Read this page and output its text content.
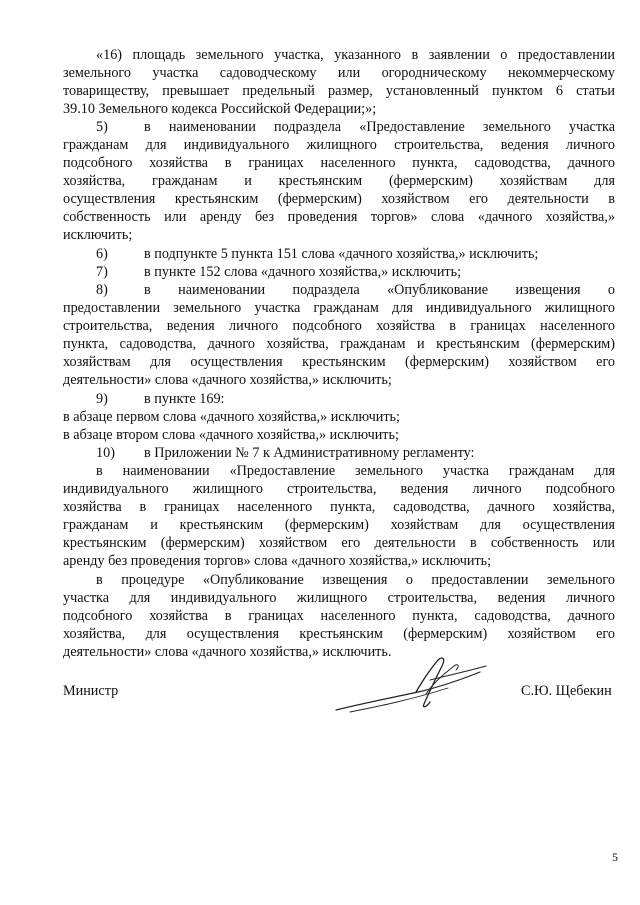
«16) площадь земельного участка, указанного в заявлении о предоставлении
земельного участка садоводческому или огородническому некоммерческому
товариществу, превышает предельный размер, установленный пунктом 6 статьи
39.10 Земельного кодекса Российской Федерации;»;
5)	в наименовании подраздела «Предоставление земельного участка
гражданам для индивидуального жилищного строительства, ведения личного
подсобного хозяйства в границах населенного пункта, садоводства, дачного
хозяйства, гражданам и крестьянским (фермерским) хозяйствам для
осуществления крестьянским (фермерским) хозяйством его деятельности в
собственность или аренду без проведения торгов» слова «дачного хозяйства,»
исключить;
6)	в подпункте 5 пункта 151 слова «дачного хозяйства,» исключить;
7)	в пункте 152 слова «дачного хозяйства,» исключить;
8)	в наименовании подраздела «Опубликование извещения о
предоставлении земельного участка гражданам для индивидуального жилищного
строительства, ведения личного подсобного хозяйства в границах населенного
пункта, садоводства, дачного хозяйства, гражданам и крестьянским (фермерским)
хозяйствам для осуществления крестьянским (фермерским) хозяйством его
деятельности» слова «дачного хозяйства,» исключить;
9)	в пункте 169:
в абзаце первом слова «дачного хозяйства,» исключить;
в абзаце втором слова «дачного хозяйства,» исключить;
10) в Приложении № 7 к Административному регламенту:
в наименовании «Предоставление земельного участка гражданам для
индивидуального жилищного строительства, ведения личного подсобного
хозяйства в границах населенного пункта, садоводства, дачного хозяйства,
гражданам и крестьянским (фермерским) хозяйствам для осуществления
крестьянским (фермерским) хозяйством его деятельности в собственность или
аренду без проведения торгов» слова «дачного хозяйства,» исключить;
в процедуре «Опубликование извещения о предоставлении земельного
участка для индивидуального жилищного строительства, ведения личного
подсобного хозяйства в границах населенного пункта, садоводства, дачного
хозяйства, для осуществления крестьянским (фермерским) хозяйством его
деятельности» слова «дачного хозяйства,» исключить.
Министр	С.Ю. Щебекин
5
